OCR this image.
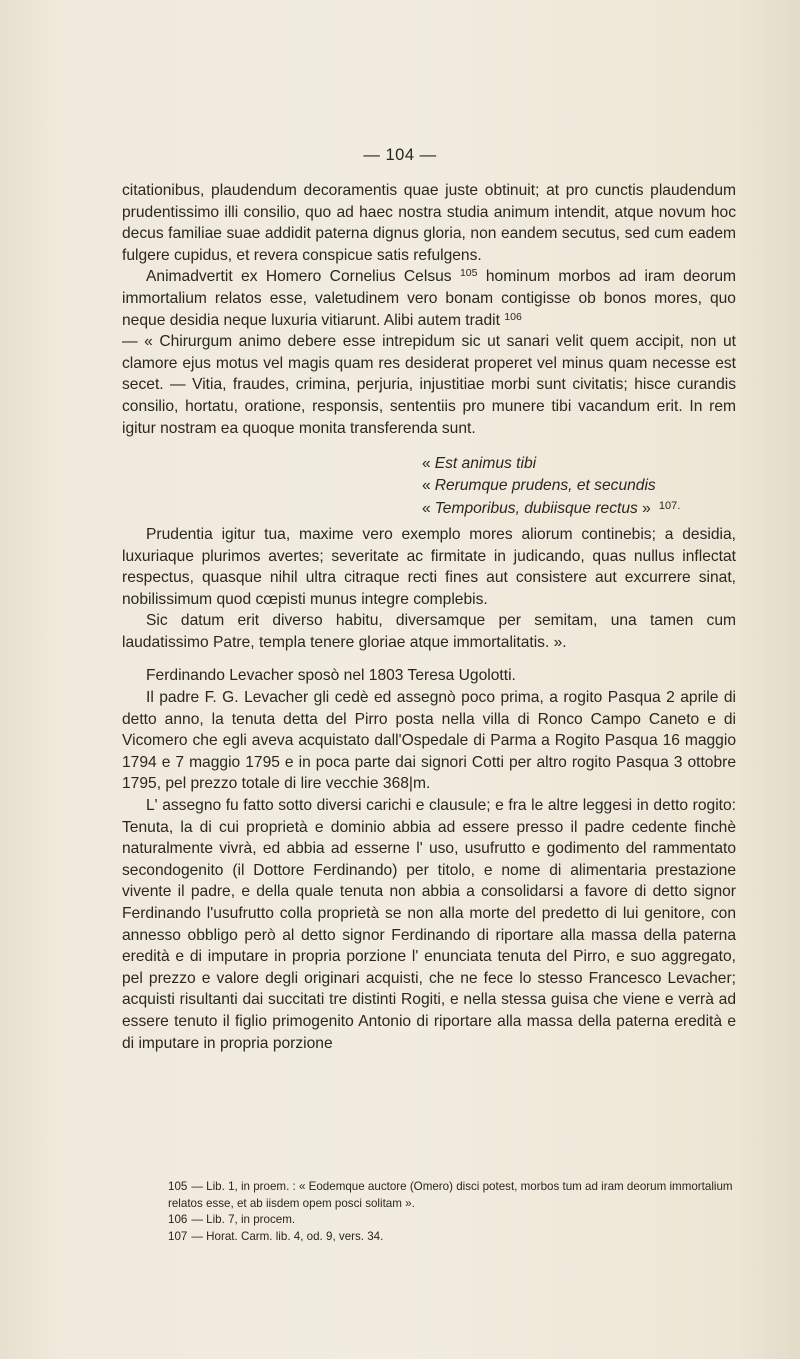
— 104 —

citationibus, plaudendum decoramentis quae juste obtinuit; at pro cunctis plaudendum prudentissimo illi consilio, quo ad haec nostra studia animum intendit, atque novum hoc decus familiae suae addidit paterna dignus gloria, non eandem secutus, sed cum eadem fulgere cupidus, et revera conspicue satis refulgens.

Animadvertit ex Homero Cornelius Celsus $^{105}$ hominum morbos ad iram deorum immortalium relatos esse, valetudinem vero bonam contigisse ob bonos mores, quo neque desidia neque luxuria vitiarunt. Alibi autem tradit $^{106}$

— « Chirurgum animo debere esse intrepidum sic ut sanari velit quem accipit, non ut clamore ejus motus vel magis quam res desiderat properet vel minus quam necesse est secet. — Vitia, fraudes, crimina, perjuria, injustitiae morbi sunt civitatis; hisce curandis consilio, hortatu, oratione, responsis, sententiis pro munere tibi vacandum erit. In rem igitur nostram ea quoque monita transferenda sunt.

« Est animus tibi
« Rerumque prudens, et secundis
« Temporibus, dubiisque rectus » $^{107.}$

Prudentia igitur tua, maxime vero exemplo mores aliorum continebis; a desidia, luxuriaque plurimos avertes; severitate ac firmitate in judicando, quas nullus inflectat respectus, quasque nihil ultra citraque recti fines aut consistere aut excurrere sinat, nobilissimum quod cœpisti munus integre complebis.

Sic datum erit diverso habitu, diversamque per semitam, una tamen cum laudatissimo Patre, templa tenere gloriae atque immortalitatis. ».

Ferdinando Levacher sposò nel 1803 Teresa Ugolotti.

Il padre F. G. Levacher gli cedè ed assegnò poco prima, a rogito Pasqua 2 aprile di detto anno, la tenuta detta del Pirro posta nella villa di Ronco Campo Caneto e di Vicomero che egli aveva acquistato dall'Ospedale di Parma a Rogito Pasqua 16 maggio 1794 e 7 maggio 1795 e in poca parte dai signori Cotti per altro rogito Pasqua 3 ottobre 1795, pel prezzo totale di lire vecchie 368|m.

L' assegno fu fatto sotto diversi carichi e clausule; e fra le altre leggesi in detto rogito: Tenuta, la di cui proprietà e dominio abbia ad essere presso il padre cedente finchè naturalmente vivrà, ed abbia ad esserne l' uso, usufrutto e godimento del rammentato secondogenito (il Dottore Ferdinando) per titolo, e nome di alimentaria prestazione vivente il padre, e della quale tenuta non abbia a consolidarsi a favore di detto signor Ferdinando l'usufrutto colla proprietà se non alla morte del predetto di lui genitore, con annesso obbligo però al detto signor Ferdinando di riportare alla massa della paterna eredità e di imputare in propria porzione l' enunciata tenuta del Pirro, e suo aggregato, pel prezzo e valore degli originari acquisti, che ne fece lo stesso Francesco Levacher; acquisti risultanti dai succitati tre distinti Rogiti, e nella stessa guisa che viene e verrà ad essere tenuto il figlio primogenito Antonio di riportare alla massa della paterna eredità e di imputare in propria porzione

105 — Lib. 1, in proem. : « Eodemque auctore (Omero) disci potest, morbos tum ad iram deorum immortalium relatos esse, et ab iisdem opem posci solitam ».

106 — Lib. 7, in procem.

107 — Horat. Carm. lib. 4, od. 9, vers. 34.
